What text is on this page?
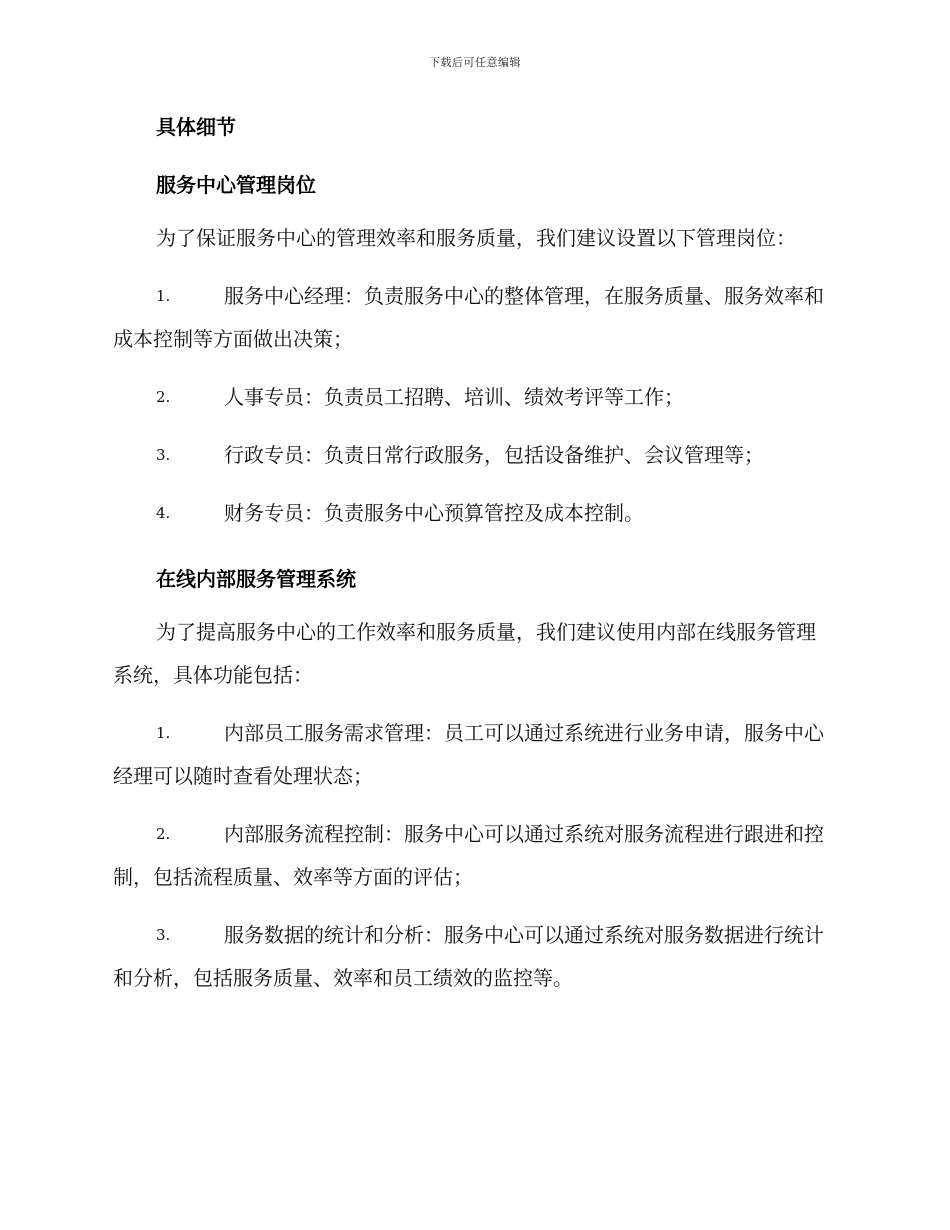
下载后可任意编辑

具体细节

服务中心管理岗位

为了保证服务中心的管理效率和服务质量，我们建议设置以下管理岗位：

1.	服务中心经理：负责服务中心的整体管理，在服务质量、服务效率和成本控制等方面做出决策；

2.	人事专员：负责员工招聘、培训、绩效考评等工作；

3.	行政专员：负责日常行政服务，包括设备维护、会议管理等；

4.	财务专员：负责服务中心预算管控及成本控制。

在线内部服务管理系统

为了提高服务中心的工作效率和服务质量，我们建议使用内部在线服务管理系统，具体功能包括：

1.	内部员工服务需求管理：员工可以通过系统进行业务申请，服务中心经理可以随时查看处理状态；

2.	内部服务流程控制：服务中心可以通过系统对服务流程进行跟进和控制，包括流程质量、效率等方面的评估；

3.	服务数据的统计和分析：服务中心可以通过系统对服务数据进行统计和分析，包括服务质量、效率和员工绩效的监控等。
